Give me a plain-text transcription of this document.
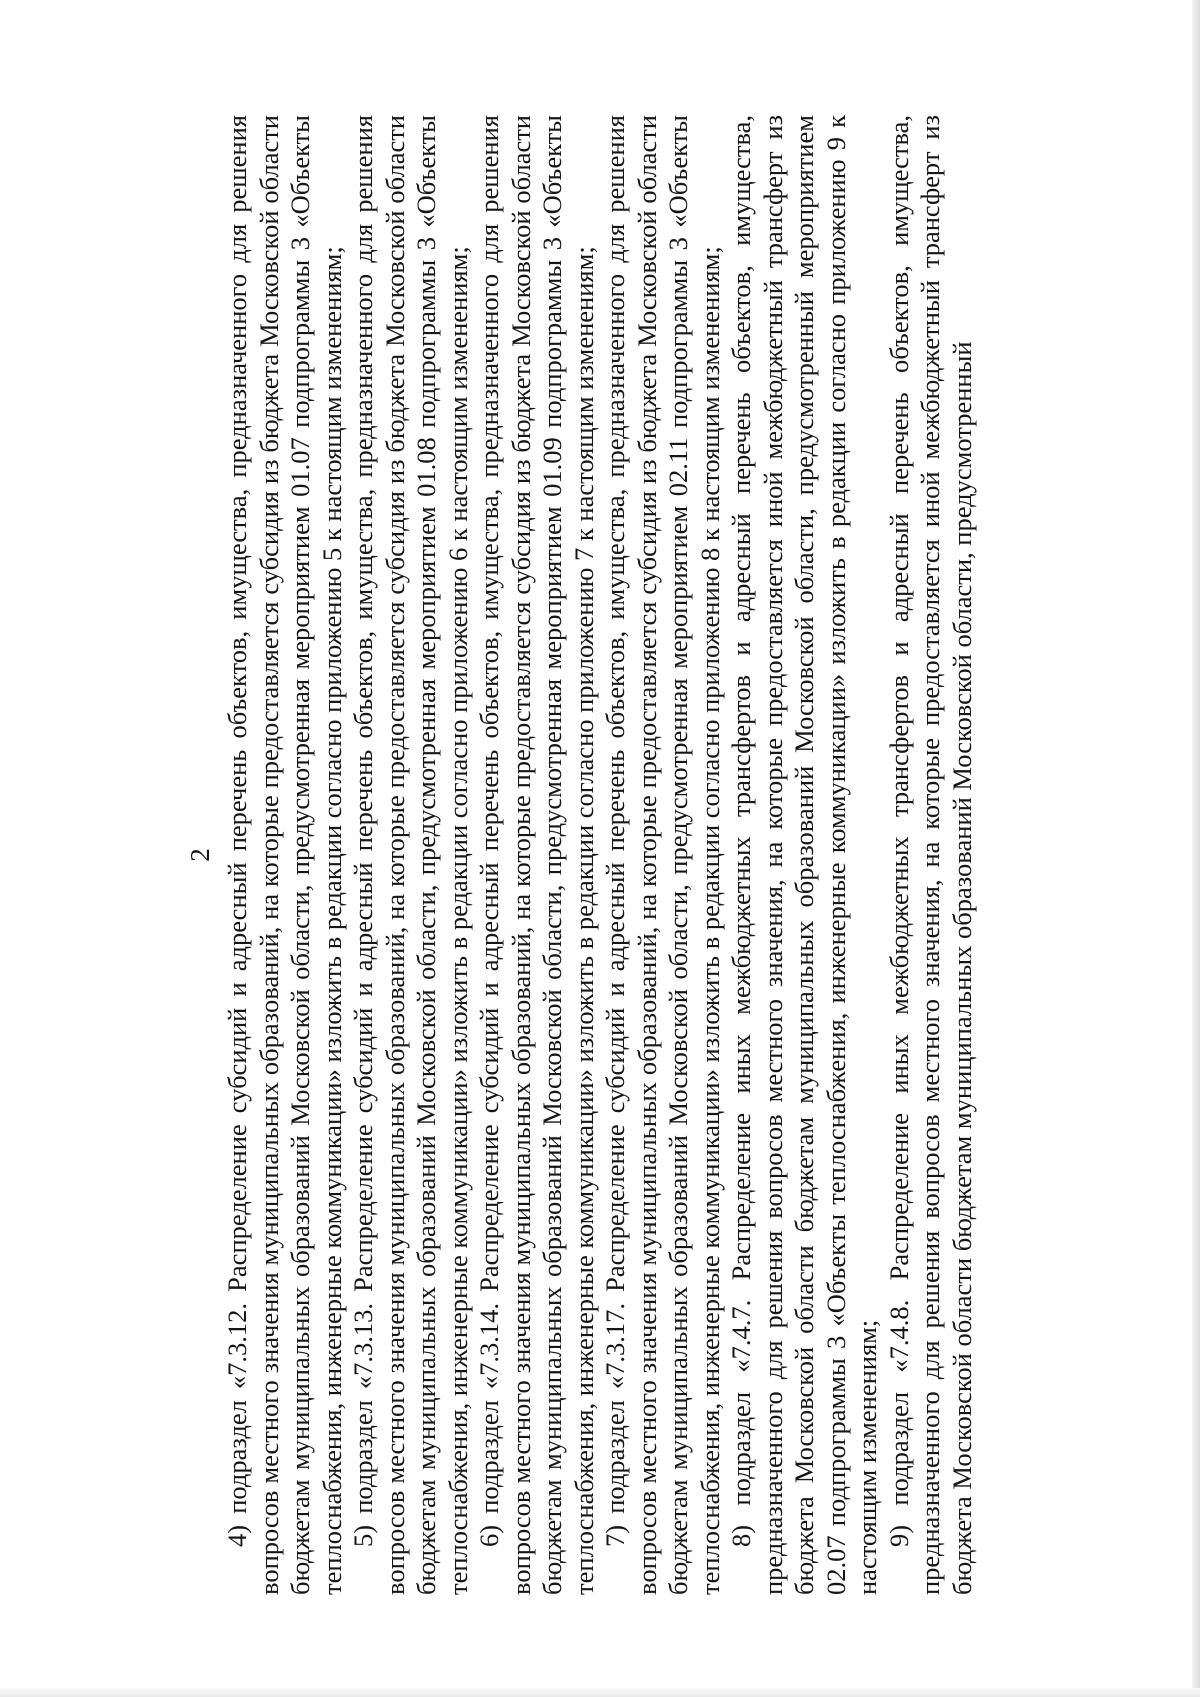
2 4) подраздел «7.3.12. Распределение субсидий и адресный перечень объектов, имущества, предназначенного для решения вопросов местного значения муниципальных образований, на которые предоставляется субсидия из бюджета Московской области бюджетам муниципальных образований Московской области, предусмотренная мероприятием 01.07 подпрограммы 3 «Объекты теплоснабжения, инженерные коммуникации» изложить в редакции согласно приложению 5 к настоящим изменениям; 5) подраздел «7.3.13. Распределение субсидий и адресный перечень объектов, имущества, предназначенного для решения вопросов местного значения муниципальных образований, на которые предоставляется субсидия из бюджета Московской области бюджетам муниципальных образований Московской области, предусмотренная мероприятием 01.08 подпрограммы 3 «Объекты теплоснабжения, инженерные коммуникации» изложить в редакции согласно приложению 6 к настоящим изменениям; 6) подраздел «7.3.14. Распределение субсидий и адресный перечень объектов, имущества, предназначенного для решения вопросов местного значения муниципальных образований, на которые предоставляется субсидия из бюджета Московской области бюджетам муниципальных образований Московской области, предусмотренная мероприятием 01.09 подпрограммы 3 «Объекты теплоснабжения, инженерные коммуникации» изложить в редакции согласно приложению 7 к настоящим изменениям; 7) подраздел «7.3.17. Распределение субсидий и адресный перечень объектов, имущества, предназначенного для решения вопросов местного значения муниципальных образований, на которые предоставляется субсидия из бюджета Московской области бюджетам муниципальных образований Московской области, предусмотренная мероприятием 02.11 подпрограммы 3 «Объекты теплоснабжения, инженерные коммуникации» изложить в редакции согласно приложению 8 к настоящим изменениям; 8) подраздел «7.4.7. Распределение иных межбюджетных трансфертов и адресный перечень объектов, имущества, предназначенного для решения вопросов местного значения, на которые предоставляется иной межбюджетный трансферт из бюджета Московской области бюджетам муниципальных образований Московской области, предусмотренный мероприятием 02.07 подпрограммы 3 «Объекты теплоснабжения, инженерные коммуникации» изложить в редакции согласно приложению 9 к настоящим изменениям; 9) подраздел «7.4.8. Распределение иных межбюджетных трансфертов и адресный перечень объектов, имущества, предназначенного для решения вопросов местного значения, на которые предоставляется иной межбюджетный трансферт из бюджета Московской области бюджетам муниципальных образований Московской области, предусмотренный
